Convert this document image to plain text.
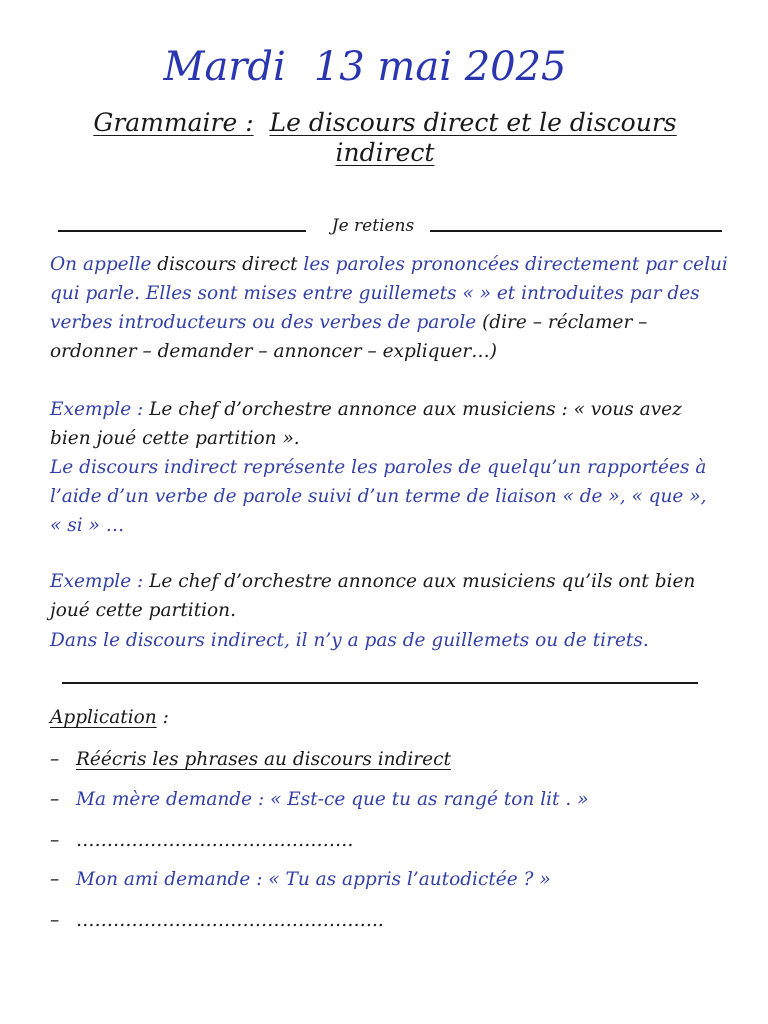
Mardi 13 mai 2025
Grammaire : Le discours direct et le discours
indirect
Je retiens
On appelle discours direct les paroles prononcées directement par celui
qui parle. Elles sont mises entre guillemets « » et introduites par des
verbes introducteurs ou des verbes de parole (dire – réclamer –
ordonner – demander – annoncer – expliquer…)
Exemple : Le chef d’orchestre annonce aux musiciens : « vous avez
bien joué cette partition ».
Le discours indirect représente les paroles de quelqu’un rapportées à
l’aide d’un verbe de parole suivi d’un terme de liaison « de », « que »,
« si » …
Exemple : Le chef d’orchestre annonce aux musiciens qu’ils ont bien
joué cette partition.
Dans le discours indirect, il n’y a pas de guillemets ou de tirets.
Application :
– Réécris les phrases au discours indirect
– Ma mère demande : « Est-ce que tu as rangé ton lit . »
– ………………………………………
– Mon ami demande : « Tu as appris l’autodictée ? »
– …………………………………………..
